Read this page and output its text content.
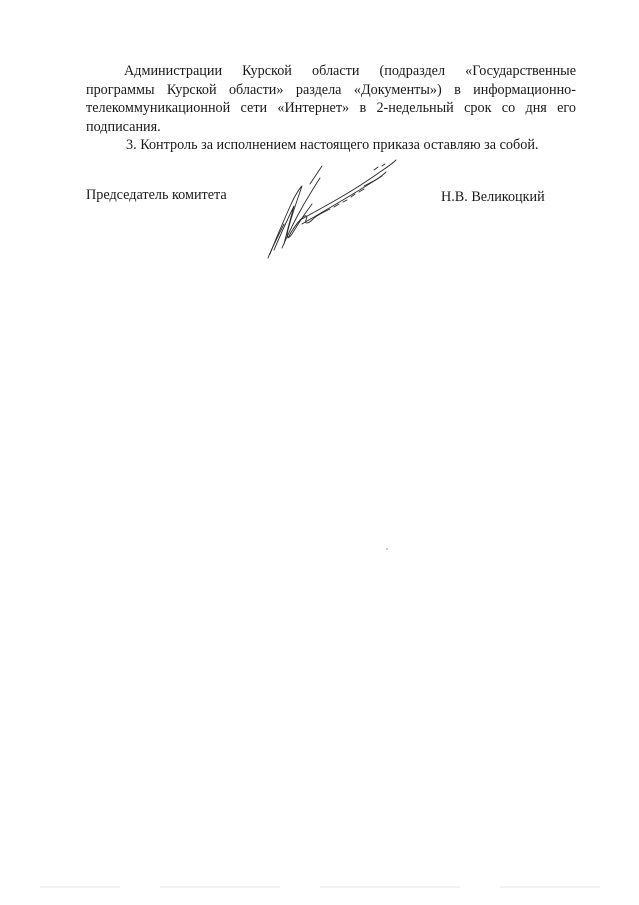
Администрации Курской области (подраздел «Государственные
программы Курской области» раздела «Документы») в информационно-
телекоммуникационной сети «Интернет» в 2-недельный срок со дня его
подписания.

3. Контроль за исполнением настоящего приказа оставляю за собой.

Председатель комитета	Н.В. Великоцкий
